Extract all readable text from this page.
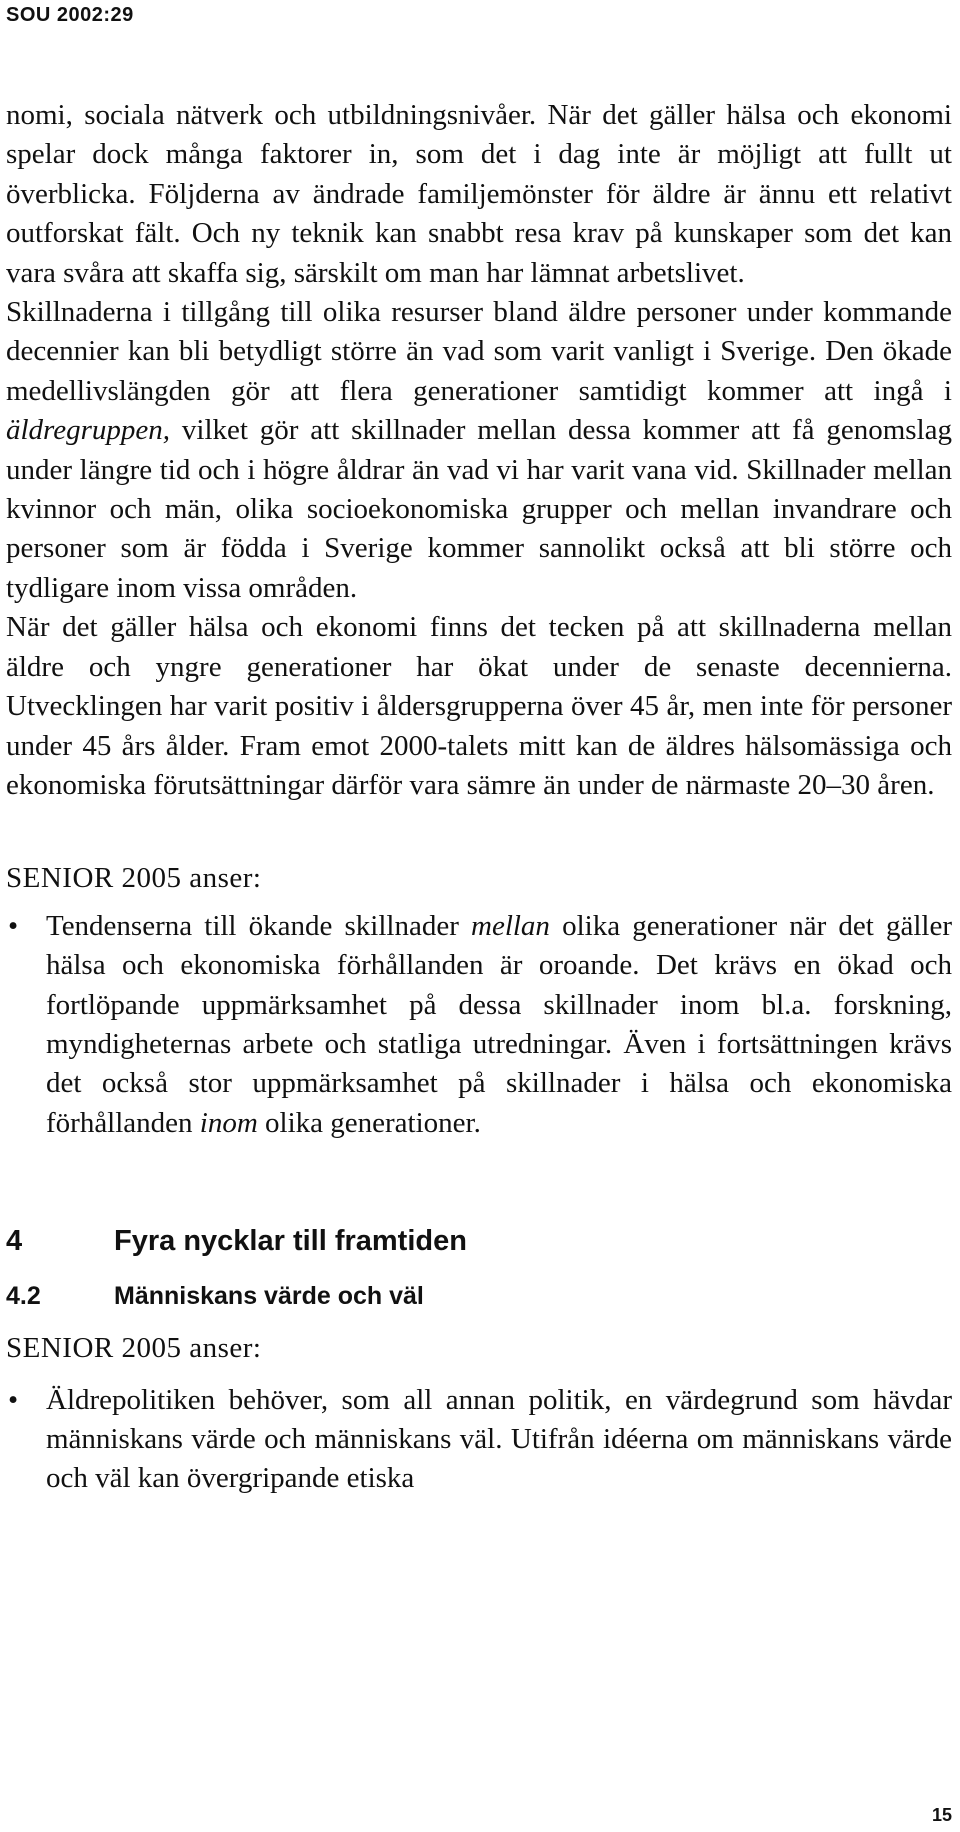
SOU 2002:29

nomi, sociala nätverk och utbildningsnivåer. När det gäller hälsa och ekonomi spelar dock många faktorer in, som det i dag inte är möjligt att fullt ut överblicka. Följderna av ändrade familjemönster för äldre är ännu ett relativt outforskat fält. Och ny teknik kan snabbt resa krav på kunskaper som det kan vara svåra att skaffa sig, särskilt om man har lämnat arbetslivet.

Skillnaderna i tillgång till olika resurser bland äldre personer under kommande decennier kan bli betydligt större än vad som varit vanligt i Sverige. Den ökade medellivslängden gör att flera generationer samtidigt kommer att ingå i äldregruppen, vilket gör att skillnader mellan dessa kommer att få genomslag under längre tid och i högre åldrar än vad vi har varit vana vid. Skillnader mellan kvinnor och män, olika socioekonomiska grupper och mellan invandrare och personer som är födda i Sverige kommer sannolikt också att bli större och tydligare inom vissa områden.

När det gäller hälsa och ekonomi finns det tecken på att skillnaderna mellan äldre och yngre generationer har ökat under de senaste decennierna. Utvecklingen har varit positiv i åldersgrupperna över 45 år, men inte för personer under 45 års ålder. Fram emot 2000-talets mitt kan de äldres hälsomässiga och ekonomiska förutsättningar därför vara sämre än under de närmaste 20–30 åren.

SENIOR 2005 anser:

• Tendenserna till ökande skillnader mellan olika generationer när det gäller hälsa och ekonomiska förhållanden är oroande. Det krävs en ökad och fortlöpande uppmärksamhet på dessa skillnader inom bl.a. forskning, myndigheternas arbete och statliga utredningar. Även i fortsättningen krävs det också stor uppmärksamhet på skillnader i hälsa och ekonomiska förhållanden inom olika generationer.
4	Fyra nycklar till framtiden
4.2	Människans värde och väl

SENIOR 2005 anser:

• Äldrepolitiken behöver, som all annan politik, en värdegrund som hävdar människans värde och människans väl. Utifrån idéerna om människans värde och väl kan övergripande etiska
15
